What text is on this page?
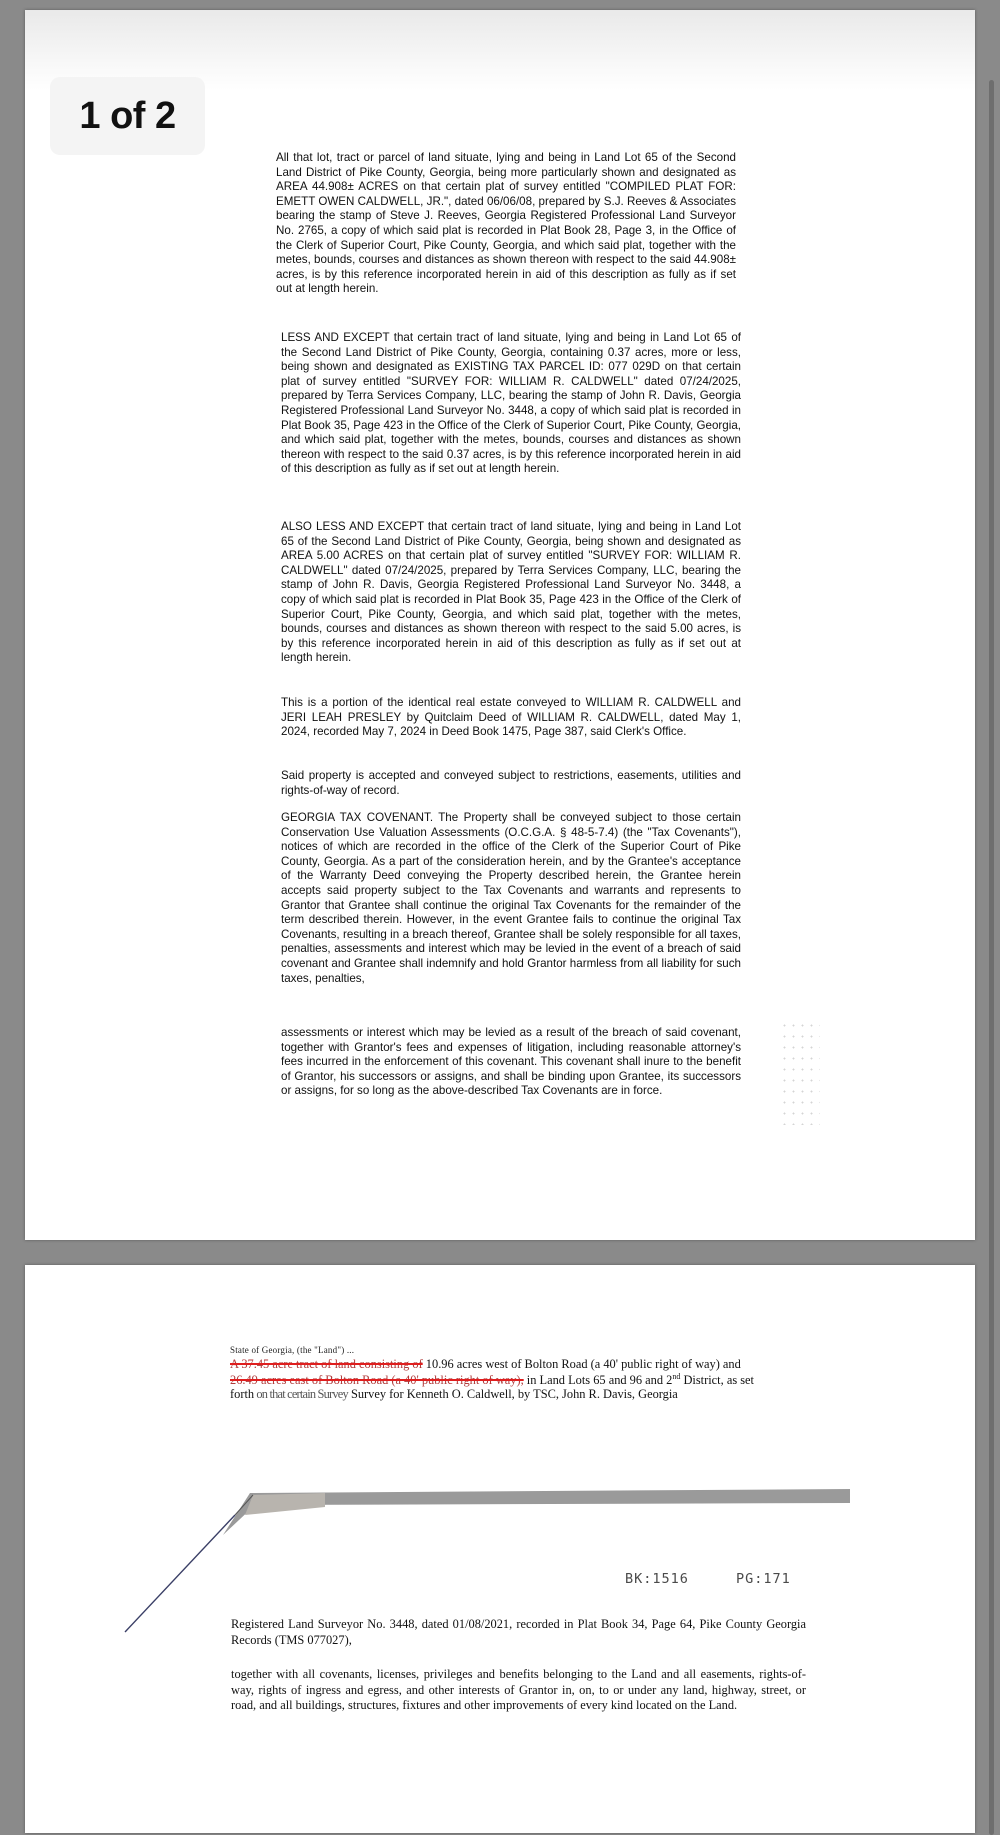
All that lot, tract or parcel of land situate, lying and being in Land Lot 65 of the Second Land District of Pike County, Georgia, being more particularly shown and designated as AREA 44.908± ACRES on that certain plat of survey entitled "COMPILED PLAT FOR: EMETT OWEN CALDWELL, JR.", dated 06/06/08, prepared by S.J. Reeves & Associates bearing the stamp of Steve J. Reeves, Georgia Registered Professional Land Surveyor No. 2765, a copy of which said plat is recorded in Plat Book 28, Page 3, in the Office of the Clerk of Superior Court, Pike County, Georgia, and which said plat, together with the metes, bounds, courses and distances as shown thereon with respect to the said 44.908± acres, is by this reference incorporated herein in aid of this description as fully as if set out at length herein.

LESS AND EXCEPT that certain tract of land situate, lying and being in Land Lot 65 of the Second Land District of Pike County, Georgia, containing 0.37 acres, more or less, being shown and designated as EXISTING TAX PARCEL ID: 077 029D on that certain plat of survey entitled "SURVEY FOR: WILLIAM R. CALDWELL" dated 07/24/2025, prepared by Terra Services Company, LLC, bearing the stamp of John R. Davis, Georgia Registered Professional Land Surveyor No. 3448, a copy of which said plat is recorded in Plat Book 35, Page 423 in the Office of the Clerk of Superior Court, Pike County, Georgia, and which said plat, together with the metes, bounds, courses and distances as shown thereon with respect to the said 0.37 acres, is by this reference incorporated herein in aid of this description as fully as if set out at length herein.

ALSO LESS AND EXCEPT that certain tract of land situate, lying and being in Land Lot 65 of the Second Land District of Pike County, Georgia, being shown and designated as AREA 5.00 ACRES on that certain plat of survey entitled "SURVEY FOR: WILLIAM R. CALDWELL" dated 07/24/2025, prepared by Terra Services Company, LLC, bearing the stamp of John R. Davis, Georgia Registered Professional Land Surveyor No. 3448, a copy of which said plat is recorded in Plat Book 35, Page 423 in the Office of the Clerk of Superior Court, Pike County, Georgia, and which said plat, together with the metes, bounds, courses and distances as shown thereon with respect to the said 5.00 acres, is by this reference incorporated herein in aid of this description as fully as if set out at length herein.

This is a portion of the identical real estate conveyed to WILLIAM R. CALDWELL and JERI LEAH PRESLEY by Quitclaim Deed of WILLIAM R. CALDWELL, dated May 1, 2024, recorded May 7, 2024 in Deed Book 1475, Page 387, said Clerk's Office.

Said property is accepted and conveyed subject to restrictions, easements, utilities and rights-of-way of record.

GEORGIA TAX COVENANT. The Property shall be conveyed subject to those certain Conservation Use Valuation Assessments (O.C.G.A. § 48-5-7.4) (the "Tax Covenants"), notices of which are recorded in the office of the Clerk of the Superior Court of Pike County, Georgia. As a part of the consideration herein, and by the Grantee's acceptance of the Warranty Deed conveying the Property described herein, the Grantee herein accepts said property subject to the Tax Covenants and warrants and represents to Grantor that Grantee shall continue the original Tax Covenants for the remainder of the term described therein. However, in the event Grantee fails to continue the original Tax Covenants, resulting in a breach thereof, Grantee shall be solely responsible for all taxes, penalties, assessments and interest which may be levied in the event of a breach of said covenant and Grantee shall indemnify and hold Grantor harmless from all liability for such taxes, penalties,

assessments or interest which may be levied as a result of the breach of said covenant, together with Grantor's fees and expenses of litigation, including reasonable attorney's fees incurred in the enforcement of this covenant. This covenant shall inure to the benefit of Grantor, his successors or assigns, and shall be binding upon Grantee, its successors or assigns, for so long as the above-described Tax Covenants are in force.

State of Georgia, (the "Land") ...
A 37.45 acre tract of land consisting of 10.96 acres west of Bolton Road (a 40' public right of way) and
26.49 acres east of Bolton Road (a 40' public right of way), in Land Lots 65 and 96 and 2nd District, as set
forth on that certain Survey Survey for Kenneth O. Caldwell, by TSC, John R. Davis, Georgia
BK:1516	PG:171

Registered Land Surveyor No. 3448, dated 01/08/2021, recorded in Plat Book 34, Page 64, Pike County Georgia Records (TMS 077027),

together with all covenants, licenses, privileges and benefits belonging to the Land and all easements, rights-of-way, rights of ingress and egress, and other interests of Grantor in, on, to or under any land, highway, street, or road, and all buildings, structures, fixtures and other improvements of every kind located on the Land.

1 of 2
